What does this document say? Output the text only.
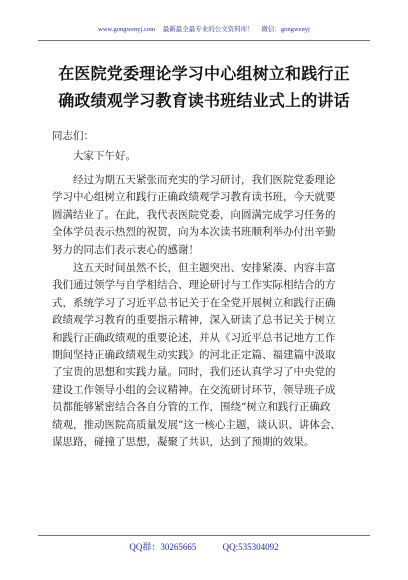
www.gongwenyj.com 最新最全最专业的公文资料库！ 微信：gongwenyj
在医院党委理论学习中心组树立和践行正
确政绩观学习教育读书班结业式上的讲话
同志们：
大家下午好。
经过为期五天紧张而充实的学习研讨，我们医院党委理论
学习中心组树立和践行正确政绩观学习教育读书班，今天就要
圆满结业了。在此，我代表医院党委，向圆满完成学习任务的
全体学员表示热烈的祝贺，向为本次读书班顺利举办付出辛勤
努力的同志们表示衷心的感谢！
这五天时间虽然不长，但主题突出、安排紧凑、内容丰富
我们通过领学与自学相结合、理论研讨与工作实际相结合的方
式，系统学习了习近平总书记关于在全党开展树立和践行正确
政绩观学习教育的重要指示精神，深入研读了总书记关于树立
和践行正确政绩观的重要论述，并从《习近平总书记地方工作
期间坚持正确政绩观生动实践》的河北正定篇、福建篇中汲取
了宝贵的思想和实践力量。同时，我们还认真学习了中央党的
建设工作领导小组的会议精神。在交流研讨环节，领导班子成
员都能够紧密结合各自分管的工作，围绕“树立和践行正确政
绩观，推动医院高质量发展”这一核心主题，谈认识、讲体会、
谋思路，碰撞了思想，凝聚了共识，达到了预期的效果。
QQ群：30265665	QQ:535304092
